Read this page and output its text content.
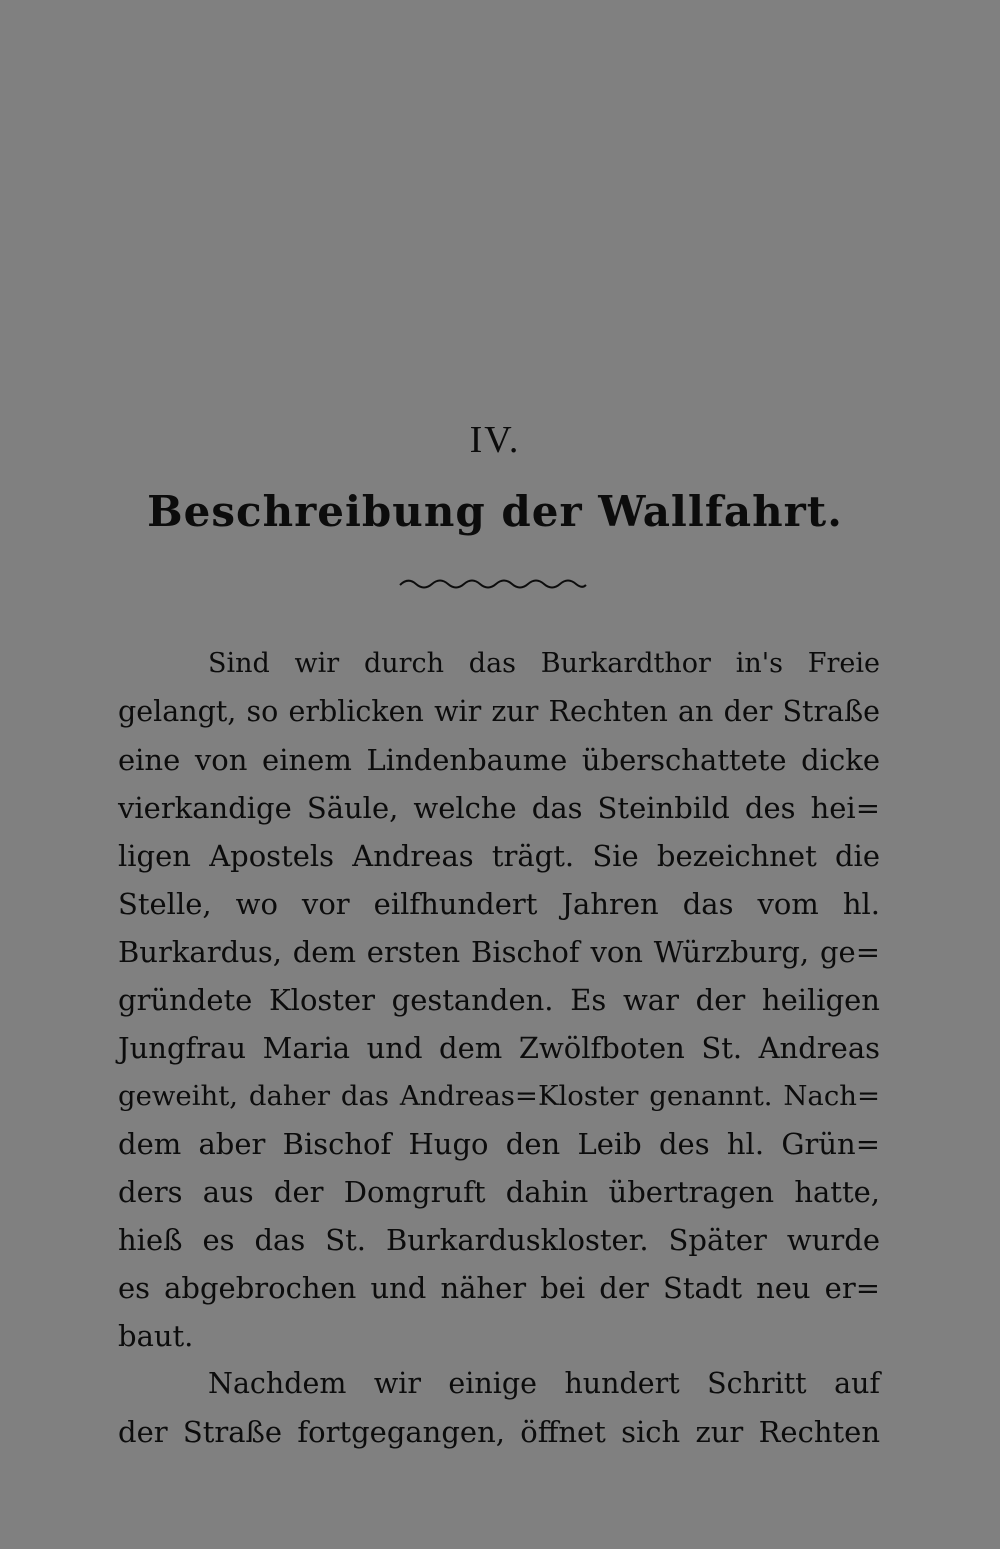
IV.
Beschreibung der Wallfahrt.
Sind wir durch das Burkardthor in's Freie
gelangt, so erblicken wir zur Rechten an der Straße
eine von einem Lindenbaume überschattete dicke
vierkandige Säule, welche das Steinbild des hei=
ligen Apostels Andreas trägt. Sie bezeichnet die
Stelle, wo vor eilfhundert Jahren das vom hl.
Burkardus, dem ersten Bischof von Würzburg, ge=
gründete Kloster gestanden. Es war der heiligen
Jungfrau Maria und dem Zwölfboten St. Andreas
geweiht, daher das Andreas=Kloster genannt. Nach=
dem aber Bischof Hugo den Leib des hl. Grün=
ders aus der Domgruft dahin übertragen hatte,
hieß es das St. Burkarduskloster. Später wurde
es abgebrochen und näher bei der Stadt neu er=
baut.
Nachdem wir einige hundert Schritt auf
der Straße fortgegangen, öffnet sich zur Rechten
